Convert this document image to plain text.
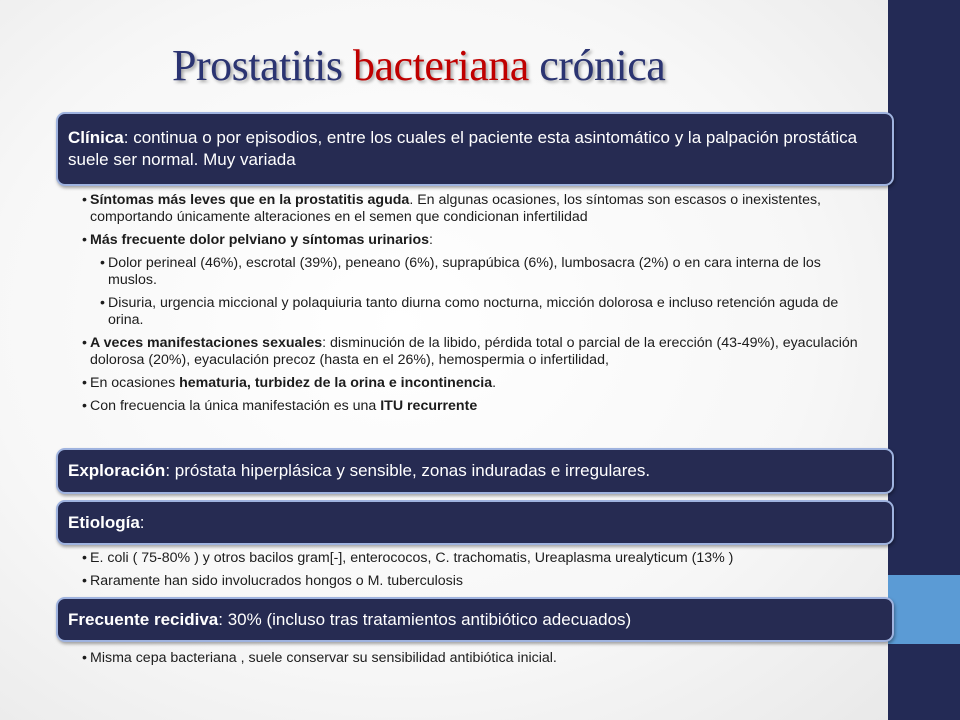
Prostatitis bacteriana crónica
Clínica: continua o por episodios, entre los cuales el paciente esta asintomático y la palpación prostática suele ser normal. Muy variada
• Síntomas más leves que en la prostatitis aguda. En algunas ocasiones, los síntomas son escasos o inexistentes, comportando únicamente alteraciones en el semen que condicionan infertilidad
• Más frecuente dolor pelviano y síntomas urinarios:
• Dolor perineal (46%), escrotal (39%), peneano (6%), suprapúbica (6%), lumbosacra (2%) o en cara interna de los muslos.
• Disuria, urgencia miccional y polaquiuria tanto diurna como nocturna, micción dolorosa e incluso retención aguda de orina.
• A veces manifestaciones sexuales: disminución de la libido, pérdida total o parcial de la erección (43-49%), eyaculación dolorosa (20%), eyaculación precoz (hasta en el 26%), hemospermia o infertilidad,
• En ocasiones hematuria, turbidez de la orina e incontinencia.
• Con frecuencia la única manifestación es una ITU recurrente
Exploración: próstata hiperplásica y sensible, zonas induradas e irregulares.
Etiología:
• E. coli ( 75-80% ) y otros bacilos gram[-], enterococos, C. trachomatis, Ureaplasma urealyticum (13% )
• Raramente han sido involucrados hongos o M. tuberculosis
Frecuente recidiva: 30% (incluso tras tratamientos antibiótico adecuados)
• Misma cepa bacteriana , suele conservar su sensibilidad antibiótica inicial.
